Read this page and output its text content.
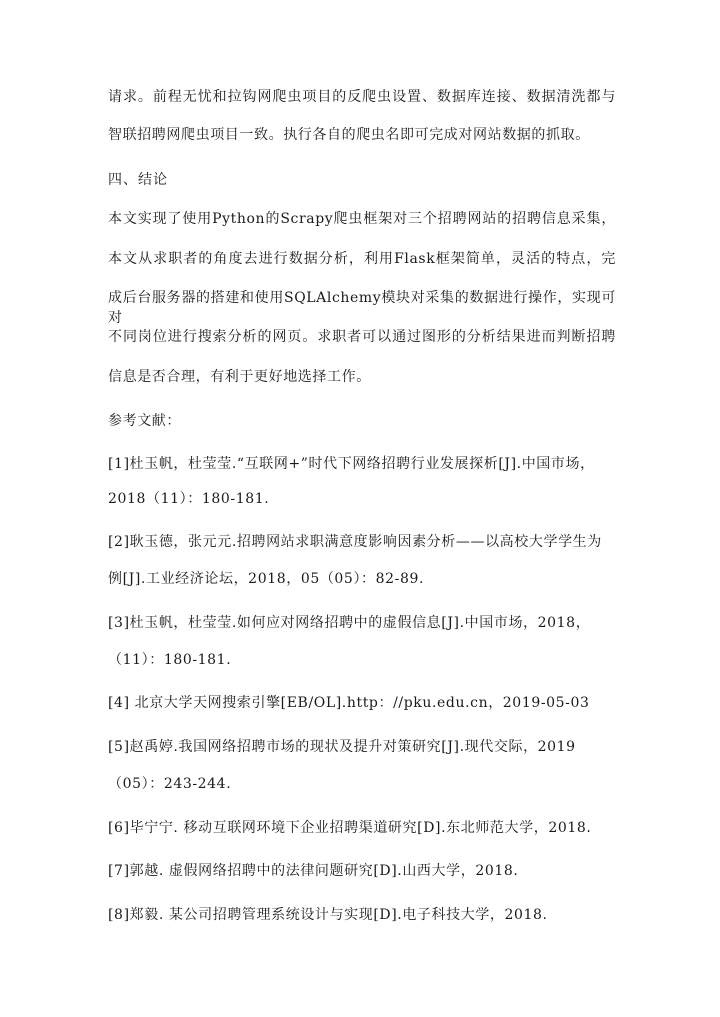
请求。前程无忧和拉钩网爬虫项目的反爬虫设置、数据库连接、数据清洗都与
智联招聘网爬虫项目一致。执行各自的爬虫名即可完成对网站数据的抓取。
四、结论
本文实现了使用Python的Scrapy爬虫框架对三个招聘网站的招聘信息采集，
本文从求职者的角度去进行数据分析，利用Flask框架简单，灵活的特点，完
成后台服务器的搭建和使用SQLAlchemy模块对采集的数据进行操作，实现可对
不同岗位进行搜索分析的网页。求职者可以通过图形的分析结果进而判断招聘
信息是否合理，有利于更好地选择工作。
参考文献：
[1]杜玉帆，杜莹莹.“互联网+”时代下网络招聘行业发展探析[J].中国市场，
2018（11）：180-181.
[2]耿玉德，张元元.招聘网站求职满意度影响因素分析——以高校大学学生为
例[J].工业经济论坛，2018，05（05）：82-89.
[3]杜玉帆，杜莹莹.如何应对网络招聘中的虚假信息[J].中国市场，2018，
（11）：180-181.
[4] 北京大学天网搜索引擎[EB/OL].http：//pku.edu.cn，2019-05-03
[5]赵禹婷.我国网络招聘市场的现状及提升对策研究[J].现代交际，2019
（05）：243-244.
[6]毕宁宁. 移动互联网环境下企业招聘渠道研究[D].东北师范大学，2018.
[7]郭越. 虚假网络招聘中的法律问题研究[D].山西大学，2018.
[8]郑毅. 某公司招聘管理系统设计与实现[D].电子科技大学，2018.
